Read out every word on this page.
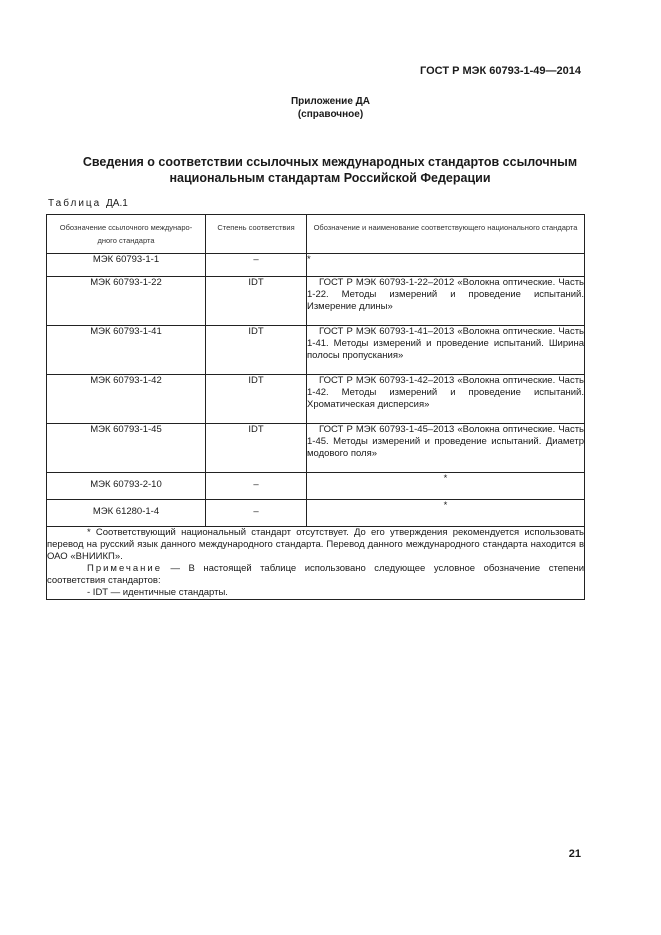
ГОСТ Р МЭК 60793-1-49—2014
Приложение ДА
(справочное)
Сведения о соответствии ссылочных международных стандартов ссылочным
национальным стандартам Российской Федерации
Таблица ДА.1
Обозначение ссылочного международного стандарта	Степень соответствия	Обозначение и наименование соответствующего национального стандарта
МЭК 60793-1-1	–	*
МЭК 60793-1-22	IDT	ГОСТ Р МЭК 60793-1-22–2012 «Волокна оптические. Часть 1-22. Методы измерений и проведение испытаний. Измерение длины»
МЭК 60793-1-41	IDT	ГОСТ Р МЭК 60793-1-41–2013 «Волокна оптические. Часть 1-41. Методы измерений и проведение испытаний. Ширина полосы пропускания»
МЭК 60793-1-42	IDT	ГОСТ Р МЭК 60793-1-42–2013 «Волокна оптические. Часть 1-42. Методы измерений и проведение испытаний. Хроматическая дисперсия»
МЭК 60793-1-45	IDT	ГОСТ Р МЭК 60793-1-45–2013 «Волокна оптические. Часть 1-45. Методы измерений и проведение испытаний. Диаметр модового поля»
МЭК 60793-2-10	–	*
МЭК 61280-1-4	–	*

* Соответствующий национальный стандарт отсутствует. До его утверждения рекомендуется использовать перевод на русский язык данного международного стандарта. Перевод данного международного стандарта находится в ОАО «ВНИИКП».

Примечание — В настоящей таблице использовано следующее условное обозначение степени соответствия стандартов:

- IDT — идентичные стандарты.		

21
